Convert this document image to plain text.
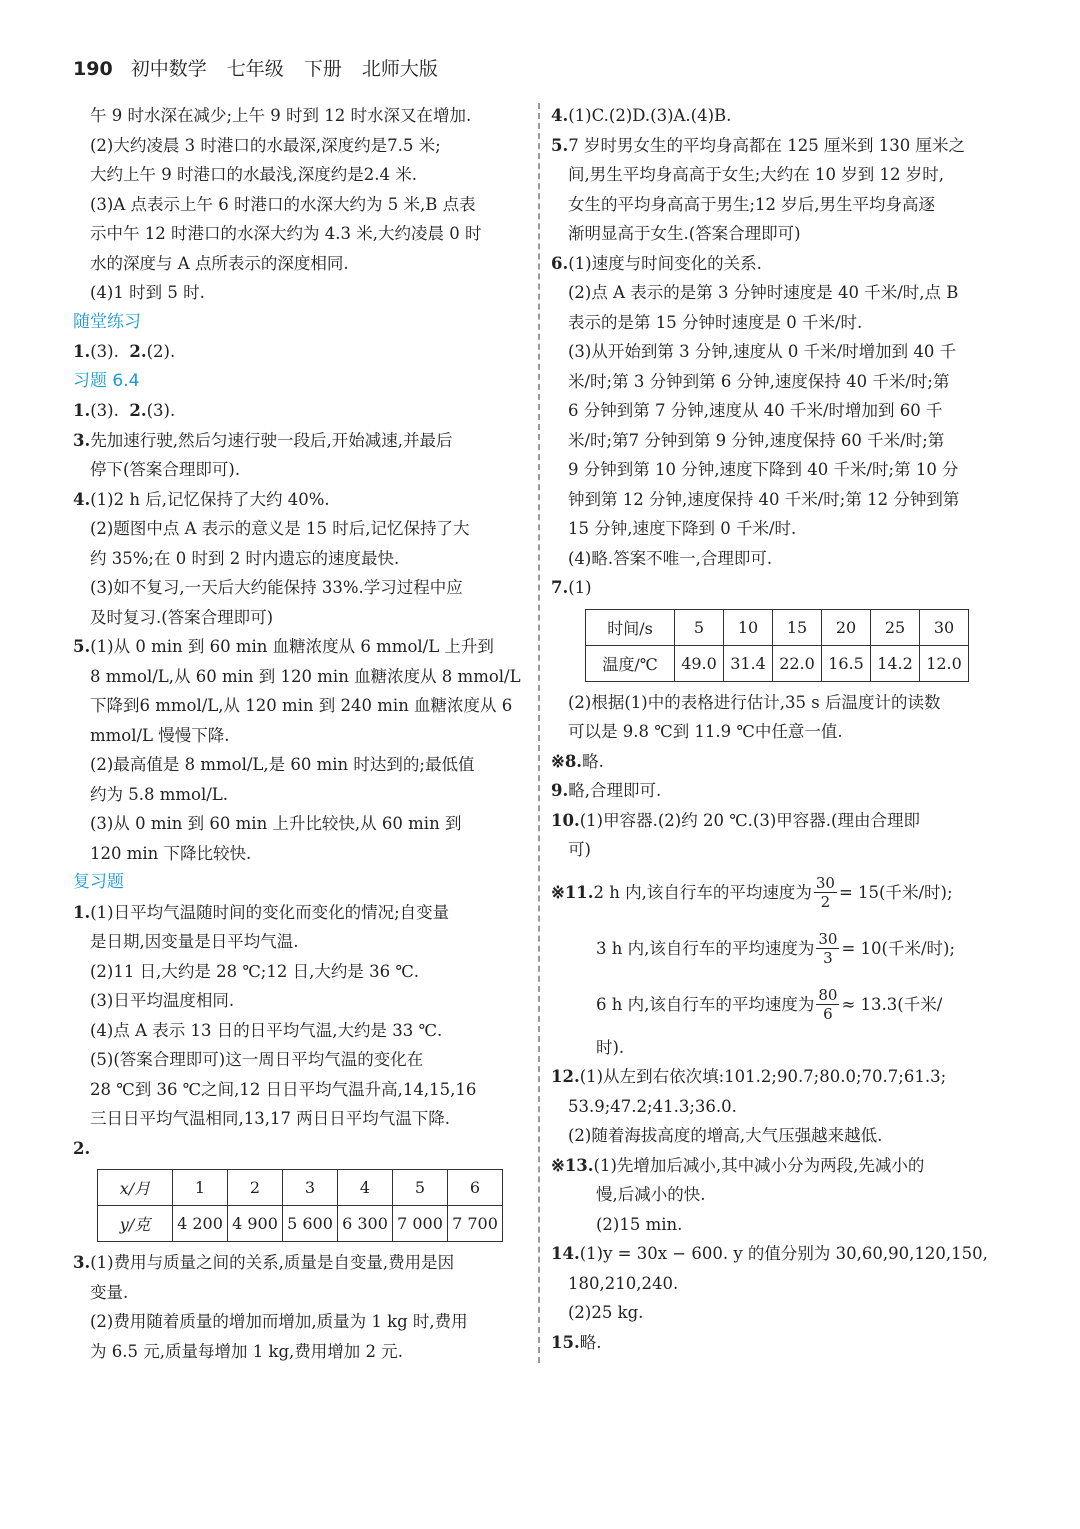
190 初中数学 七年级 下册 北师大版
午 9 时水深在减少;上午 9 时到 12 时水深又在增加.
(2)大约凌晨 3 时港口的水最深,深度约是7.5 米;
大约上午 9 时港口的水最浅,深度约是2.4 米.
(3)A 点表示上午 6 时港口的水深大约为 5 米,B 点表
示中午 12 时港口的水深大约为 4.3 米,大约凌晨 0 时
水的深度与 A 点所表示的深度相同.
(4)1 时到 5 时.
随堂练习
1.(3). 2.(2).
习题 6.4
1.(3). 2.(3).
3.先加速行驶,然后匀速行驶一段后,开始减速,并最后
停下(答案合理即可).
4.(1)2 h 后,记忆保持了大约 40%.
(2)题图中点 A 表示的意义是 15 时后,记忆保持了大
约 35%;在 0 时到 2 时内遗忘的速度最快.
(3)如不复习,一天后大约能保持 33%.学习过程中应
及时复习.(答案合理即可)
5.(1)从 0 min 到 60 min 血糖浓度从 6 mmol/L 上升到
8 mmol/L,从 60 min 到 120 min 血糖浓度从 8 mmol/L
下降到6 mmol/L,从 120 min 到 240 min 血糖浓度从 6
mmol/L 慢慢下降.
(2)最高值是 8 mmol/L,是 60 min 时达到的;最低值
约为 5.8 mmol/L.
(3)从 0 min 到 60 min 上升比较快,从 60 min 到
120 min 下降比较快.
复习题
1.(1)日平均气温随时间的变化而变化的情况;自变量
是日期,因变量是日平均气温.
(2)11 日,大约是 28 ℃;12 日,大约是 36 ℃.
(3)日平均温度相同.
(4)点 A 表示 13 日的日平均气温,大约是 33 ℃.
(5)(答案合理即可)这一周日平均气温的变化在
28 ℃到 36 ℃之间,12 日日平均气温升高,14,15,16
三日日平均气温相同,13,17 两日日平均气温下降.
2.
x/月	1	2	3	4	5	6
y/克	4 200	4 900	5 600	6 300	7 000	7 700
3.(1)费用与质量之间的关系,质量是自变量,费用是因
变量.
(2)费用随着质量的增加而增加,质量为 1 kg 时,费用
为 6.5 元,质量每增加 1 kg,费用增加 2 元.
4.(1)C.(2)D.(3)A.(4)B.
5.7 岁时男女生的平均身高都在 125 厘米到 130 厘米之
间,男生平均身高高于女生;大约在 10 岁到 12 岁时,
女生的平均身高高于男生;12 岁后,男生平均身高逐
渐明显高于女生.(答案合理即可)
6.(1)速度与时间变化的关系.
(2)点 A 表示的是第 3 分钟时速度是 40 千米/时,点 B
表示的是第 15 分钟时速度是 0 千米/时.
(3)从开始到第 3 分钟,速度从 0 千米/时增加到 40 千
米/时;第 3 分钟到第 6 分钟,速度保持 40 千米/时;第
6 分钟到第 7 分钟,速度从 40 千米/时增加到 60 千
米/时;第7 分钟到第 9 分钟,速度保持 60 千米/时;第
9 分钟到第 10 分钟,速度下降到 40 千米/时;第 10 分
钟到第 12 分钟,速度保持 40 千米/时;第 12 分钟到第
15 分钟,速度下降到 0 千米/时.
(4)略.答案不唯一,合理即可.
7.(1)
时间/s	5	10	15	20	25	30
温度/℃	49.0	31.4	22.0	16.5	14.2	12.0
(2)根据(1)中的表格进行估计,35 s 后温度计的读数
可以是 9.8 ℃到 11.9 ℃中任意一值.
※8.略.
9.略,合理即可.
10.(1)甲容器.(2)约 20 ℃.(3)甲容器.(理由合理即
可)
※11. 2 h 内,该自行车的平均速度为 $\frac{30}{2} = 15$(千米/时);
3 h 内,该自行车的平均速度为 $\frac{30}{3} = 10$(千米/时);
6 h 内,该自行车的平均速度为 $\frac{80}{6} \approx 13.3$(千米/
时).
12.(1)从左到右依次填:101.2;90.7;80.0;70.7;61.3;
53.9;47.2;41.3;36.0.
(2)随着海拔高度的增高,大气压强越来越低.
※13.(1)先增加后减小,其中减小分为两段,先减小的
慢,后减小的快.
(2)15 min.
14.(1)y = 30x − 600. y 的值分别为 30,60,90,120,150,
180,210,240.
(2)25 kg.
15.略.
